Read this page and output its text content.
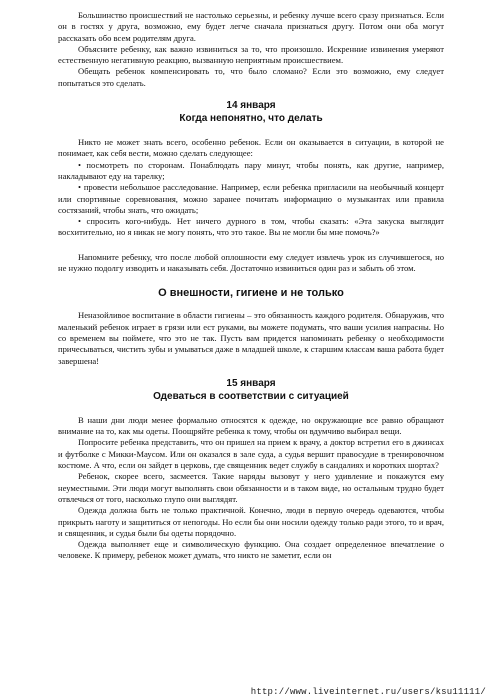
Большинство происшествий не настолько серьезны, и ребенку лучше всего сразу признаться. Если он в гостях у друга, возможно, ему будет легче сначала признаться другу. Потом они оба могут рассказать обо всем родителям друга.

Объясните ребенку, как важно извиниться за то, что произошло. Искренние извинения умеряют естественную негативную реакцию, вызванную неприятным происшествием.

Обещать ребенок компенсировать то, что было сломано? Если это возможно, ему следует попытаться это сделать.

14 января
Когда непонятно, что делать

Никто не может знать всего, особенно ребенок. Если он оказывается в ситуации, в которой не понимает, как себя вести, можно сделать следующее:

• посмотреть по сторонам. Понаблюдать пару минут, чтобы понять, как другие, например, накладывают еду на тарелку;

• провести небольшое расследование. Например, если ребенка пригласили на необычный концерт или спортивные соревнования, можно заранее почитать информацию о музыкантах или правила состязаний, чтобы знать, что ожидать;

• спросить кого-нибудь. Нет ничего дурного в том, чтобы сказать: «Эта закуска выглядит восхитительно, но я никак не могу понять, что это такое. Вы не могли бы мне помочь?»

Напомните ребенку, что после любой оплошности ему следует извлечь урок из случившегося, но не нужно подолгу изводить и наказывать себя. Достаточно извиниться один раз и забыть об этом.

О внешности, гигиене и не только

Неназойливое воспитание в области гигиены – это обязанность каждого родителя. Обнаружив, что маленький ребенок играет в грязи или ест руками, вы можете подумать, что ваши усилия напрасны. Но со временем вы поймете, что это не так. Пусть вам придется напоминать ребенку о необходимости причесываться, чистить зубы и умываться даже в младшей школе, к старшим классам ваша работа будет завершена!

15 января
Одеваться в соответствии с ситуацией

В наши дни люди менее формально относятся к одежде, но окружающие все равно обращают внимание на то, как мы одеты. Поощряйте ребенка к тому, чтобы он вдумчиво выбирал вещи.

Попросите ребенка представить, что он пришел на прием к врачу, а доктор встретил его в джинсах и футболке с Микки-Маусом. Или он оказался в зале суда, а судья вершит правосудие в тренировочном костюме. А что, если он зайдет в церковь, где священник ведет службу в сандалиях и коротких шортах?

Ребенок, скорее всего, засмеется. Такие наряды вызовут у него удивление и покажутся ему неуместными. Эти люди могут выполнять свои обязанности и в таком виде, но остальным трудно будет отвлечься от того, насколько глупо они выглядят.

Одежда должна быть не только практичной. Конечно, люди в первую очередь одеваются, чтобы прикрыть наготу и защититься от непогоды. Но если бы они носили одежду только ради этого, то и врач, и священник, и судья были бы одеты порядочно.

Одежда выполняет еще и символическую функцию. Она создает определенное впечатление о человеке. К примеру, ребенок может думать, что никто не заметит, если он

http://www.liveinternet.ru/users/ksu11111/
